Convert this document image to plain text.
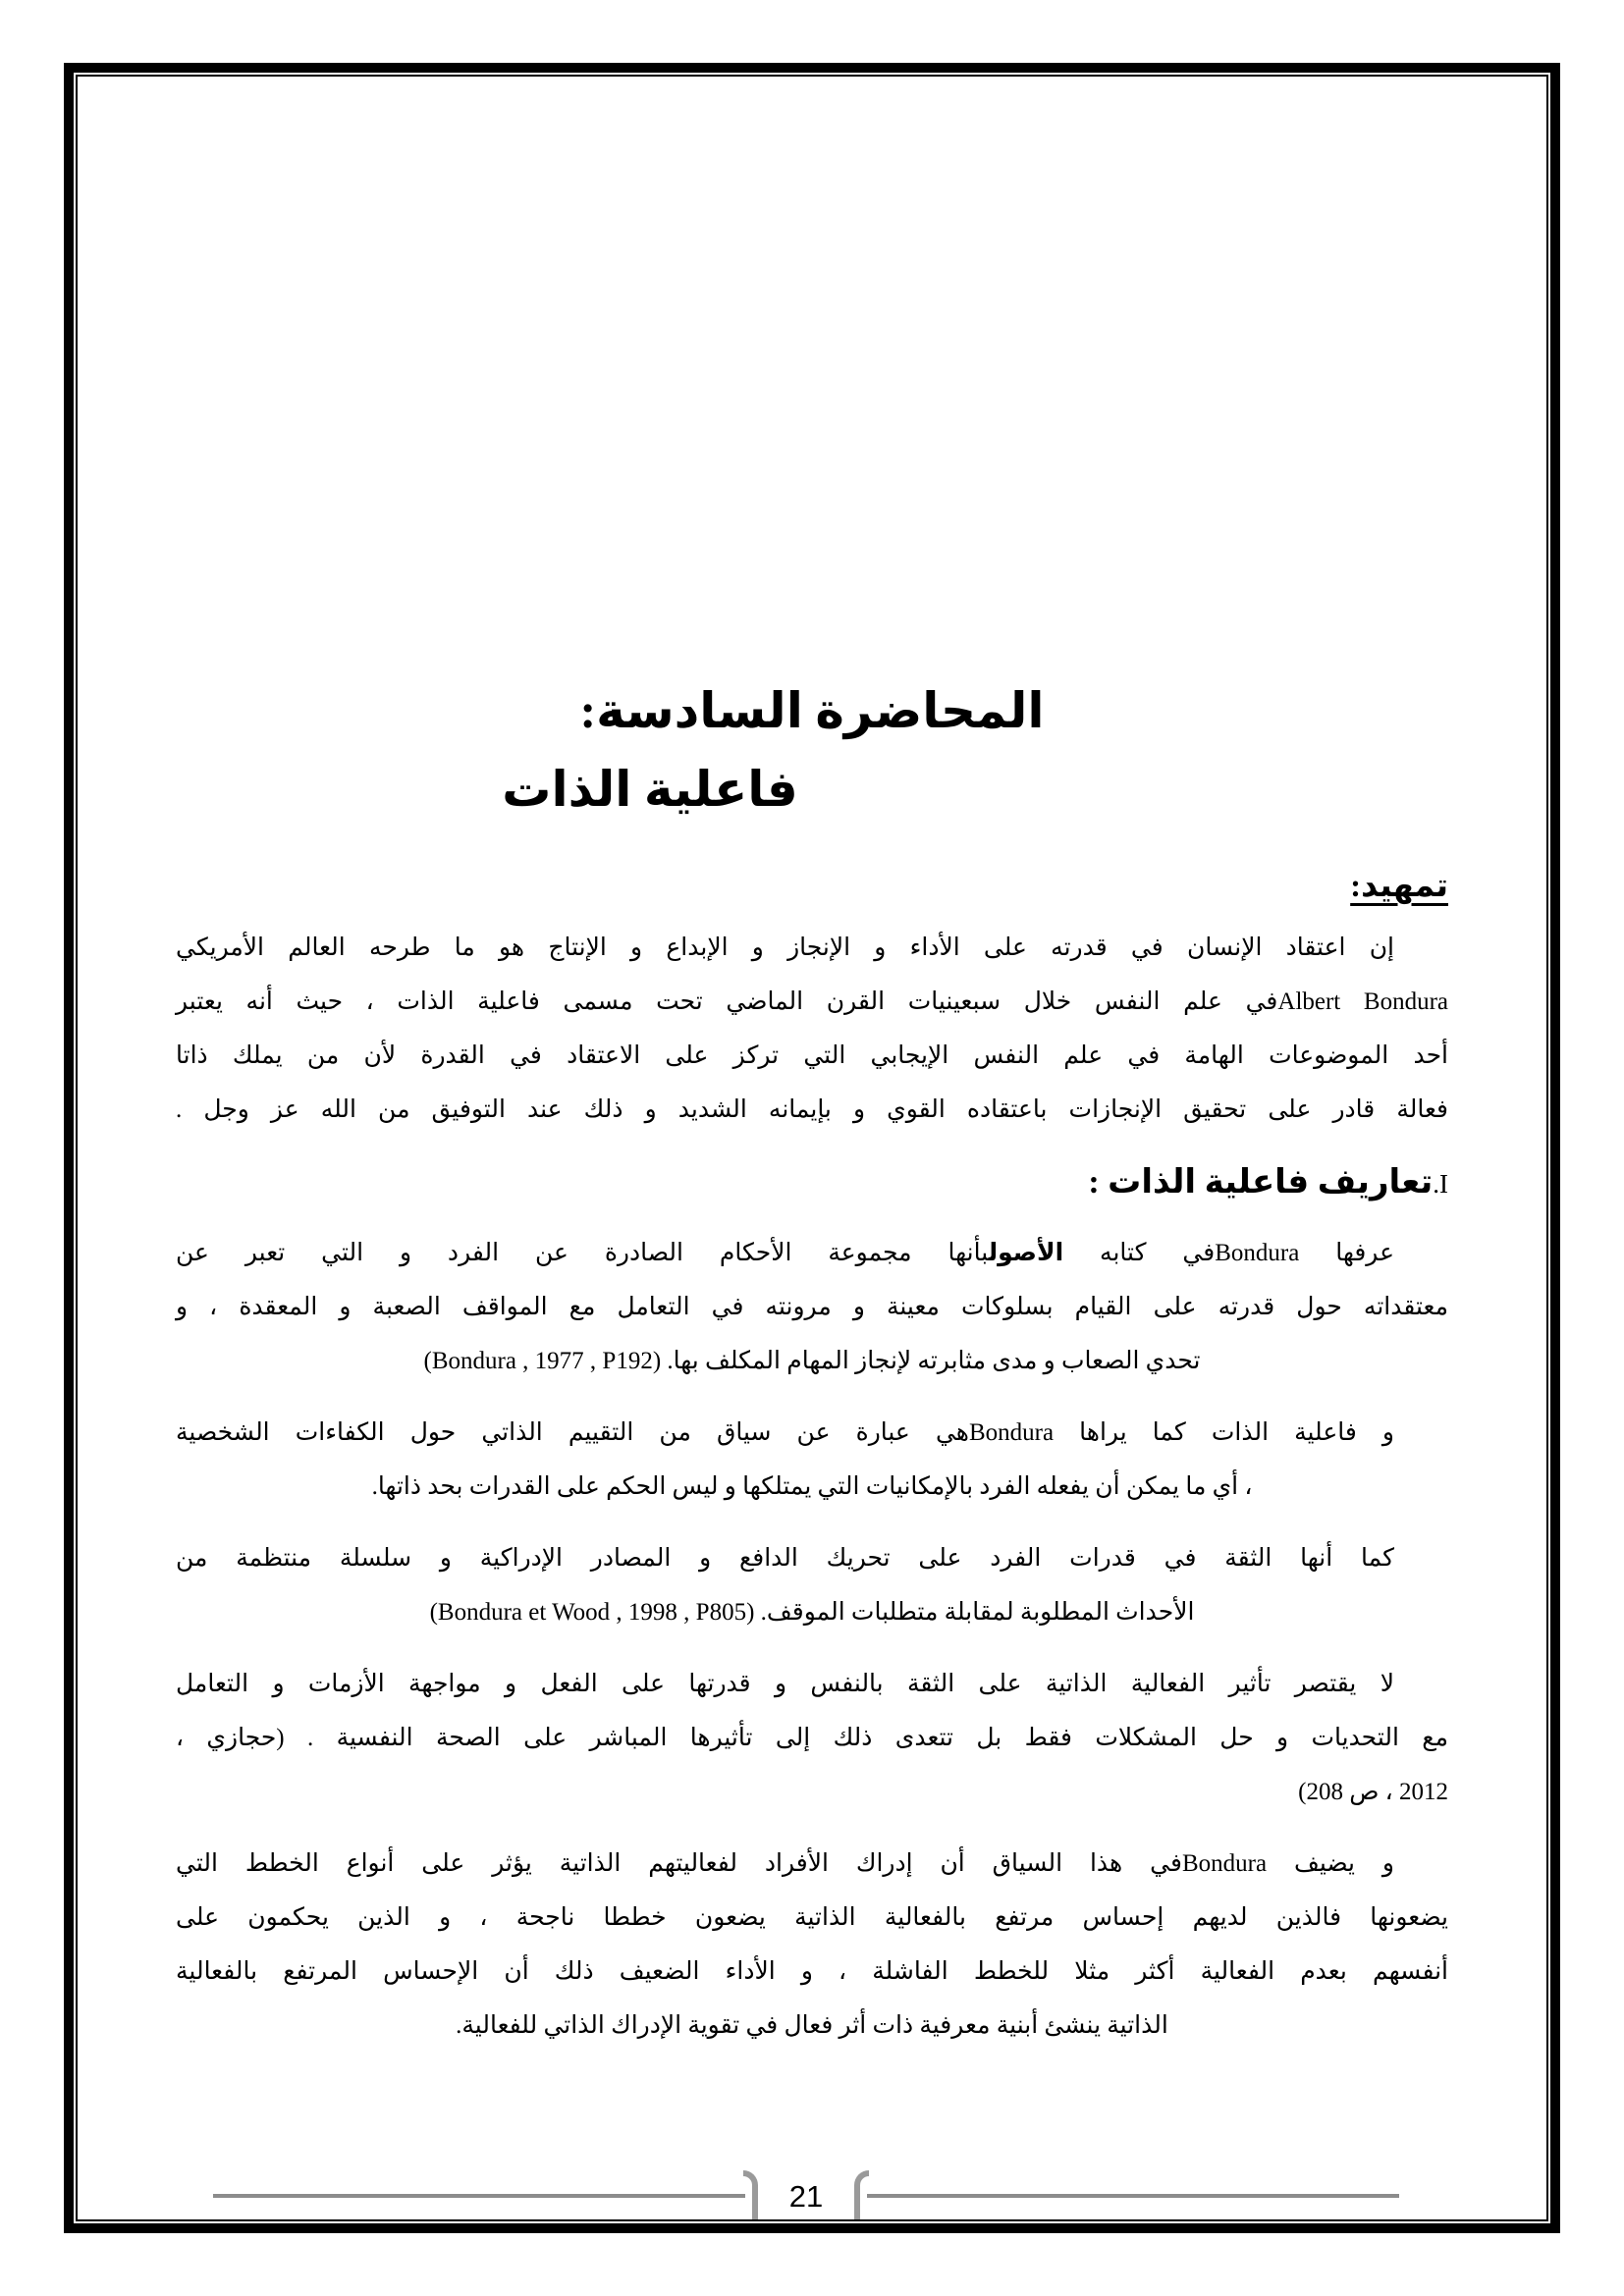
المحاضرة السادسة:
فاعلية الذات
تمهيد:
إن اعتقاد الإنسان في قدرته على الأداء و الإنجاز و الإبداع و الإنتاج هو ما طرحه العالم الأمريكي
Albert Bonduraفي علم النفس خلال سبعينيات القرن الماضي تحت مسمى فاعلية الذات ، حيث أنه يعتبر
أحد الموضوعات الهامة في علم النفس الإيجابي التي تركز على الاعتقاد في القدرة لأن من يملك ذاتا
فعالة قادر على تحقيق الإنجازات باعتقاده القوي و بإيمانه الشديد و ذلك عند التوفيق من الله عز وجل .
I.تعاريف فاعلية الذات :
عرفها Bonduraفي كتابه الأصولبأنها مجموعة الأحكام الصادرة عن الفرد و التي تعبر عن
معتقداته حول قدرته على القيام بسلوكات معينة و مرونته في التعامل مع المواقف الصعبة و المعقدة ، و
تحدي الصعاب و مدى مثابرته لإنجاز المهام المكلف بها. (Bondura , 1977 , P192)
و فاعلية الذات كما يراها Bonduraهي عبارة عن سياق من التقييم الذاتي حول الكفاءات الشخصية
، أي ما يمكن أن يفعله الفرد بالإمكانيات التي يمتلكها و ليس الحكم على القدرات بحد ذاتها.
كما أنها الثقة في قدرات الفرد على تحريك الدافع و المصادر الإدراكية و سلسلة منتظمة من
الأحداث المطلوبة لمقابلة متطلبات الموقف. (Bondura et Wood , 1998 , P805)
لا يقتصر تأثير الفعالية الذاتية على الثقة بالنفس و قدرتها على الفعل و مواجهة الأزمات و التعامل
مع التحديات و حل المشكلات فقط بل تتعدى ذلك إلى تأثيرها المباشر على الصحة النفسية . (حجازي ،
2012 ، ص 208)
و يضيف Bonduraفي هذا السياق أن إدراك الأفراد لفعاليتهم الذاتية يؤثر على أنواع الخطط التي
يضعونها فالذين لديهم إحساس مرتفع بالفعالية الذاتية يضعون خططا ناجحة ، و الذين يحكمون على
أنفسهم بعدم الفعالية أكثر مثلا للخطط الفاشلة ، و الأداء الضعيف ذلك أن الإحساس المرتفع بالفعالية
الذاتية ينشئ أبنية معرفية ذات أثر فعال في تقوية الإدراك الذاتي للفعالية.
21
